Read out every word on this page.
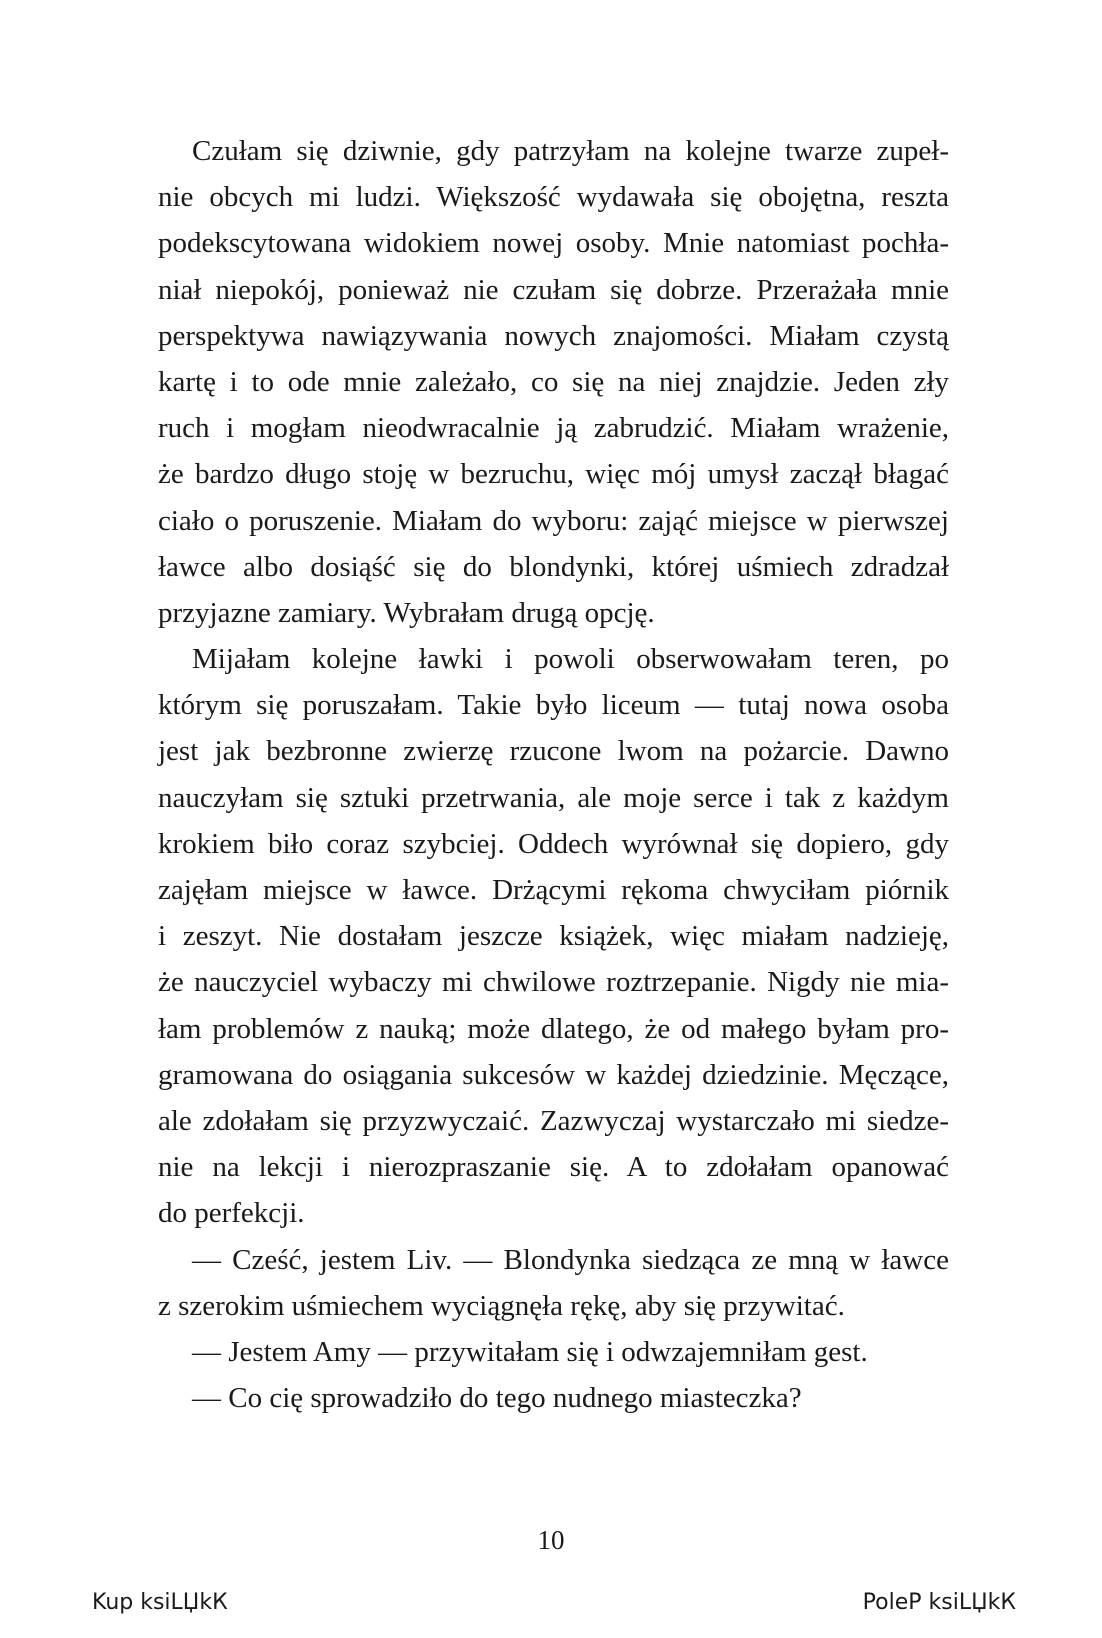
Czułam się dziwnie, gdy patrzyłam na kolejne twarze zupeł-
nie obcych mi ludzi. Większość wydawała się obojętna, reszta
podekscytowana widokiem nowej osoby. Mnie natomiast pochła-
niał niepokój, ponieważ nie czułam się dobrze. Przerażała mnie
perspektywa nawiązywania nowych znajomości. Miałam czystą
kartę i to ode mnie zależało, co się na niej znajdzie. Jeden zły
ruch i mogłam nieodwracalnie ją zabrudzić. Miałam wrażenie,
że bardzo długo stoję w bezruchu, więc mój umysł zaczął błagać
ciało o poruszenie. Miałam do wyboru: zająć miejsce w pierwszej
ławce albo dosiąść się do blondynki, której uśmiech zdradzał
przyjazne zamiary. Wybrałam drugą opcję.
Mijałam kolejne ławki i powoli obserwowałam teren, po
którym się poruszałam. Takie było liceum — tutaj nowa osoba
jest jak bezbronne zwierzę rzucone lwom na pożarcie. Dawno
nauczyłam się sztuki przetrwania, ale moje serce i tak z każdym
krokiem biło coraz szybciej. Oddech wyrównał się dopiero, gdy
zajęłam miejsce w ławce. Drżącymi rękoma chwyciłam piórnik
i zeszyt. Nie dostałam jeszcze książek, więc miałam nadzieję,
że nauczyciel wybaczy mi chwilowe roztrzepanie. Nigdy nie mia-
łam problemów z nauką; może dlatego, że od małego byłam pro-
gramowana do osiągania sukcesów w każdej dziedzinie. Męczące,
ale zdołałam się przyzwyczaić. Zazwyczaj wystarczało mi siedze-
nie na lekcji i nierozpraszanie się. A to zdołałam opanować
do perfekcji.
— Cześć, jestem Liv. — Blondynka siedząca ze mną w ławce
z szerokim uśmiechem wyciągnęła rękę, aby się przywitać.
— Jestem Amy — przywitałam się i odwzajemniłam gest.
— Co cię sprowadziło do tego nudnego miasteczka?
10
Kup ksiLЏkК	PoleР ksiLЏkК
